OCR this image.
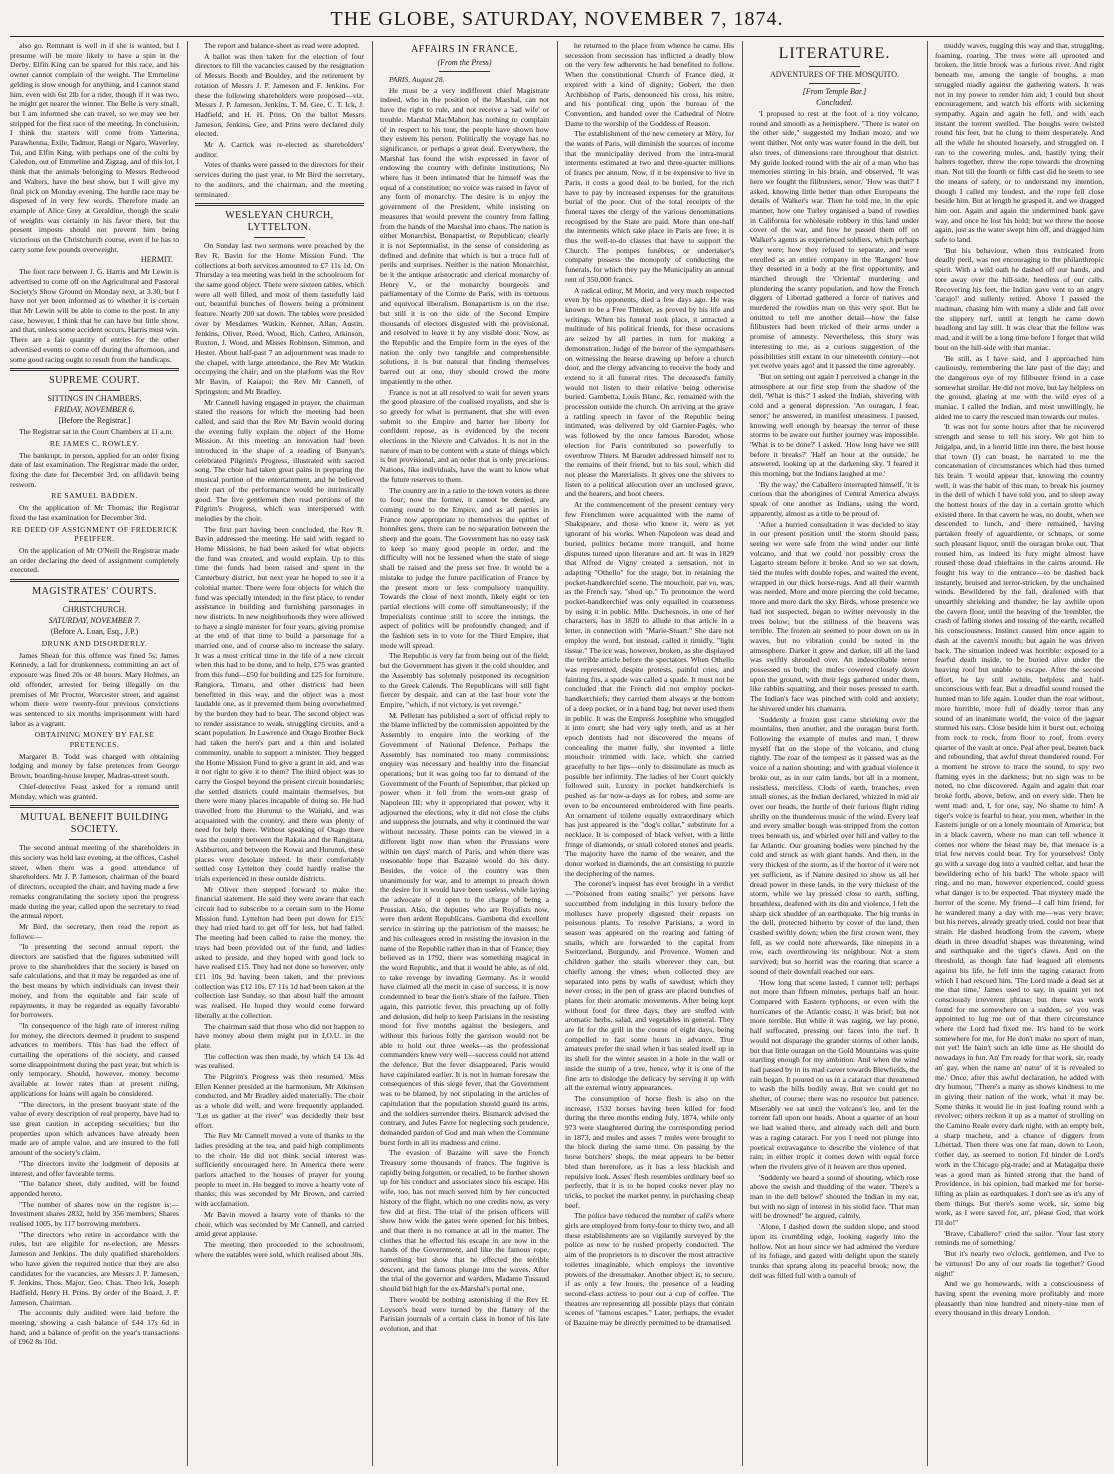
THE GLOBE, SATURDAY, NOVEMBER 7, 1874.

also go. Remnant is well in if she is wanted, but I presume will be more likely to have a spin in the Derby. Elfin King can be spared for this race, and his owner cannot complain of the weight. The Emmeline gelding is slow enough for anything, and I cannot stand him, even with 6st 2lb for a rider, though if it was two, he might get nearer the winner. The Belle is very small, but I am informed she can travel, so we may see her stripped for the first race of the meeting. In conclusion, I think the starters will come from Yatterina, Parawhenna, Exile, Tadmor, Rangi or Ngaro, Waverley, Tui, and Elfin King, with perhaps one of the colts by Caledon, out of Emmeline and Zigzag, and of this lot, I think that the animals belonging to Messrs Redwood and Walters, have the best show, but I will give my final pick on Monday evening. The hurdle race may be disposed of in very few words. Therefore made an example of Alice Grey at Geraldine, though the scale of weights was certainly in his favor there, but the present imposts should not prevent him being victorious on the Christchurch course, even if he has to carry some few pounds overweight.

HERMIT.

The foot race between J. G. Harris and Mr Lewin is advertised to come off on the Agricultural and Pastoral Society's Show Ground on Monday next, at 3.30, but I have not yet been informed as to whether it is certain that Mr Lewin will be able to come to the post. In any case, however, I think that he can have but little show, and that, unless some accident occurs, Harris must win. There are a fair quantity of entries for the other advertised events to come off during the afternoon, and some good racing ought to result from the handicaps.

SUPREME COURT.
SITTINGS IN CHAMBERS.
FRIDAY, NOVEMBER 6.
[Before the Registrar.]

The Registrar sat in the Court Chambers at 11 a.m.

RE JAMES C. ROWLEY.

The bankrupt, in person, applied for an order fixing date of last examination. The Registrar made the order, fixing the date for December 3rd, on affidavit being resworn.

RE SAMUEL BADDEN.

On the application of Mr Thomas, the Registrar fixed the last examination for December 3rd.

RE DEED OF ASSIGNMENT OF FREDERICK PFEIFFER.

On the application of Mr O'Neill the Registrar made an order declaring the deed of assignment completely executed.

MAGISTRATES' COURTS.
CHRISTCHURCH.
SATURDAY, NOVEMBER 7.
(Before A. Loan, Esq., J.P.)
DRUNK AND DISORDERLY.

James Shean for this offence was fined 5s; James Kennedy, a lad for drunkenness, committing an act of exposure was fined 20s or 48 hours. Mary Holmes, an old offender, arrested for being illegally on the premises of Mr Proctor, Worcester street, and against whom there were twenty-four previous convictions was sentenced to six months imprisonment with hard labor as a vagrant.

OBTAINING MONEY BY FALSE PRETENCES.

Margaret B. Todd was charged with obtaining lodging and money by false pretences from George Brown, boarding-house keeper, Madras-street south.

Chief-detective Feast asked for a remand until Monday, which was granted.

MUTUAL BENEFIT BUILDING SOCIETY.

The second annual meeting of the shareholders in this society was held last evening, at the offices, Cashel street, when there was a good attendance of shareholders. Mr J. P. Jameson, chairman of the board of directors, occupied the chair, and having made a few remarks congratulating the society upon the progress made during the year, called upon the secretary to read the annual report.

Mr Bird, the secretary, then read the report as follows:—

"In presenting the second annual report, the directors are satisfied that the figures submitted will prove to the shareholders that the society is based on safe calculations, and that it may be regarded as one of the best means by which individuals can invest their money, and from the equitable and fair scale of repayments, it may be regarded as equally favorable for borrowers.

"In consequence of the high rate of interest ruling for money, the directors deemed it prudent to suspend advances to members. This has had the effect of curtailing the operations of the society, and caused some disappointment during the past year, but which is only temporary. Should, however, money become available at lower rates than at present ruling, applications for loans will again be considered.

"The directors, in the present buoyant state of the value of every description of real property, have had to use great caution in accepting securities; but the properties upon which advances have already been made are of ample value, and are insured to the full amount of the society's claim.

"The directors invite the lodgment of deposits at interest, and offer favorable terms.

"The balance sheet, duly audited, will be found appended hereto.

"The number of shares now on the register is:—Investment shares 2832, held by 356 members; Shares realised 1005, by 117 borrowing members.

"The directors who retire in accordance with the rules, but are eligible for re-election, are Messrs Jameson and Jenkins. The duly qualified shareholders who have given the required notice that they are also candidates for the vacancies, are Messrs J. P. Jameson, F. Jenkins, Thos. Major, Geo. Chas. Theo Ick, Joseph Hadfield, Henry H. Prins. By order of the Board, J. P. Jameson, Chairman.

The accounts duly audited were laid before the meeting, showing a cash balance of £44 17s 6d in hand, and a balance of profit on the year's transactions of £962 8s 10d.

The report and balance-sheet as read were adopted.

A ballot was then taken for the election of four directors to fill the vacancies caused by the resignation of Messrs Booth and Bouldey, and the retirement by rotation of Messrs J. P. Jameson and F. Jenkins. For these the following shareholders were proposed—viz. Messrs J. P. Jameson, Jenkins, T. M. Gee, C. T. Ick, J. Hadfield, and H. H. Prins. On the ballot Messrs Jameson, Jenkins, Gee, and Prins were declared duly elected.

Mr A. Carrick was re-elected as shareholders' auditor.

Votes of thanks were passed to the directors for their services during the past year, to Mr Bird the secretary, to the auditors, and the chairman, and the meeting terminated.

WESLEYAN CHURCH, LYTTELTON.

On Sunday last two sermons were preached by the Rev R. Bavin for the Home Mission Fund. The collections at both services amounted to £7 11s 1d. On Thursday a tea meeting was held in the schoolroom for the same good object. There were sixteen tables, which were all well filled, and most of them tastefully laid out, beautiful bunches of flowers being a prominent feature. Nearly 200 sat down. The tables were presided over by Mesdames Watkin, Kenner, Allan, Austin, Jenkins, Oliver, Reed, Wood, Rich, Cathro, Atkinson, Ruxton, J. Wood, and Misses Robinson, Simmon, and Hester. About half-past 7 an adjournment was made to the chapel, with large attendance, the Rev Mr Watkin occupying the chair; and on the platform was the Rev Mr Bavin, of Kaiapoi; the Rev Mr Cannell, of Springston; and Mr Bradley.

Mr Cannell having engaged in prayer, the chairman stated the reasons for which the meeting had been called, and said that the Rev Mr Bavin would during the evening fully explain the object of the Home Mission. At this meeting an innovation had been introduced in the shape of a reading of Bunyan's celebrated Pilgrim's Progress, illustrated with sacred song. The choir had taken great pains in preparing the musical portion of the entertainment, and he believed their part of the performance would be intrinsically good. The five gentlemen then read portions of the Pilgrim's Progress, which was interspersed with melodies by the choir.

The first part having been concluded, the Rev R. Bavin addressed the meeting. He said with regard to Home Missions, he had been asked for what objects the fund was created, and would explain. Up to this time the funds had been raised and spent in the Canterbury district, but next year he hoped to see it a colonial matter. There were four objects for which the fund was specially intended; in the first place, to render assistance in building and furnishing parsonages in new districts. In new neighborhoods they were allowed to have a single minister for four years, giving promise at the end of that time to build a parsonage for a married one, and of course also to increase the salary. It was a most critical time in the life of a new circuit when this had to be done, and to help, £75 was granted from this fund—£50 for building and £25 for furniture. Rangiora, Timaru, and other districts had been benefitted in this way, and the object was a most laudable one, as it prevented them being overwhelmed by the burden they had to bear. The second object was to render assistance to weak, struggling circuits, and a scant population. In Lawrence and Otago Brother Beck had taken the hero's part and a thin and isolated community, unable to support a minister. They begged the Home Mission Fund to give a grant in aid, and was it not right to give it to them? The third object was to carry the Gospel beyond the present circuit boundaries; the settled districts could maintain themselves, but there were many places incapable of doing so. He had travelled from the Hurunui to the Waitaki, and was acquainted with the country, and there was plenty of need for help there. Without speaking of Otago there was the country between the Rakaia and the Rangitata, Ashburton, and between the Kowai and Hurunui, these places were desolate indeed. In their comfortably settled cosy Lyttelton they could hardly realise the trials experienced in these outside districts.

Mr Oliver then stepped forward to make the financial statement. He said they were aware that each circuit had to subscribe to a certain sum to the Home Mission fund. Lyttelton had been put down for £15: they had tried hard to get off for less, but had failed. The meeting had been called to raise the money, the trays had been provided out of the fund, and ladies asked to preside, and they hoped with good luck to have realised £15. They had not done so however, only £11 10s 9d having been taken, and the previous collection was £12 10s. £7 11s 1d had been taken at the collection last Sunday, so that about half the amount was realised. He hoped they would come forward liberally at the collection.

The chairman said that those who did not happen to have money about them might put in I.O.U. in the plate.

The collection was then made, by which £4 13s 4d was realised.

The Pilgrim's Progress was then resumed. Miss Ellen Kenner presided at the harmonium, Mr Atkinson conducted, and Mr Bradley aided materially. The choir as a whole did well, and were frequently applauded. "Let us gather at the river" was decidedly their best effort.

The Rev Mr Cannell moved a vote of thanks to the ladies presiding at the tea, and paid high compliments to the choir. He did not think social interest was sufficiently encouraged here. In America there were parlors attached to the houses of prayer for young people to meet in. He begged to move a hearty vote of thanks; this was seconded by Mr Brown, and carried with acclamation.

Mr Bavin moved a hearty vote of thanks to the choir, which was seconded by Mr Cannell, and carried amid great applause.

The meeting then proceeded to the schoolroom, where the eatables were sold, which realised about 30s.

AFFAIRS IN FRANCE.
(From the Press)

PARIS, August 28.

He must be a very indifferent chief Magistrate indeed, who in the position of the Marshal, can not have the right to rule, and not receive a 'sad wife' or trouble. Marshal MacMahon has nothing to complain of in respect to his tour, the people have shown how they esteem his person. Politically the voyage has no significance, or perhaps a great deal. Everywhere, the Marshal has found the wish expressed in favor of endowing the country with definite institutions; No where has it been intimated that he himself was the equal of a constitution; no voice was raised in favor of any form of monarchy. The desire is to enjoy the government of the President, while insisting on measures that would prevent the country from falling from the hands of the Marshal into chaos. The nation is either Monarchist, Bonapartist, or Republican; clearly it is not Septennialist, in the sense of considering as defined and definite that which is but a truce full of perils and surprises. Neither is the nation Monarchist, be it the antique aristocratic and clerical monarchy of Henry V., or the monarchy bourgeois and parliamentary of the Comte de Paris, with its tortuous and equivocal liberalism. Bonapartism is on the rise, but still it is on the side of the Second Empire thousands of electors disgusted with the provisional, and resolved to leave it by any visible door. Now, as the Republic and the Empire form in the eyes of the nation the only two tangible and comprehensible solutions, it is but natural that finding themselves barred out at one, they should crowd the more impatiently to the other.

France is not at all resolved to wait for seven years the good pleasure of the coalised royalists, and she is so greedy for what is permanent, that she will even submit to the Empire and barter her liberty for confident repose, as is evidenced by the recent elections in the Nievre and Calvados. It is not in the nature of man to be content with a state of things which is but provisional, and an order that is only precarious. Nations, like individuals, have the want to know what the future reserves to them.

The country are in a ratio to the town voters as three to four; now the former, it cannot be denied, are coming round to the Empire, and as all parties in France now appropriate to themselves the epithet of honnêtes gens, there can be no separation between the sheep and the goats. The Government has no easy task to keep so many good people in order, and the difficulty will not be lessened when the state of siege shall be raised and the press set free. It would be a mistake to judge the future pacification of France by the present more or less compulsory tranquility. Towards the close of next month, likely eight or ten partial elections will come off simultaneously; if the Imperialists continue still to score the innings, the aspect of politics will be profoundly changed; and if the fashion sets in to vote for the Third Empire, that mode will spread.

The Republic is very far from being out of the field; but the Government has given it the cold shoulder, and the Assembly has solemnly postponed its recognition to the Greek Calends. The Republicans will still fight fiercer by despair, and can at the last hour vote the Empire, "which, if not victory, is yet revenge."

M. Pelletan has published a sort of official reply to the blame inflicted by the commission appointed by the Assembly to enquire into the working of the Government of National Defence. Perhaps the Assembly has nominated too many commissions; enquiry was necessary and healthy into the financial operations; but it was going too far to demand of the Government of the Fourth of September, that picked up power when it fell from the worn-out grasp of Napoleon III; why it appropriated that power, why it adjourned the elections, why it did not close the clubs and suppress the journals, and why it continued the war without necessity. These points can be viewed in a different light now than when the Prussians were within ten days' march of Paris, and when there was reasonable hope that Bazaine would do his duty. Besides, the voice of the country was then unanimously for war, and to attempt to preach down the desire for it would have been useless, while laying the advocate of it open to the charge of being a Prussian. Also, the deputies who are Royalists now, were then ardent Republicans. Gambetta did excellent service in stirring up the patriotism of the masses; he and his colleagues erred in resisting the invasion in the name of the Republic rather than in that of France; they believed as in 1792, there was something magical in the word Republic, and that it would be able, as of old, to take revenge by invading Germany. As it would have claimed all the merit in case of success, it is now condemned to bear the lion's share of the failure. Then again, this patriotic fever, this preaching up of folly and delusion, did help to keep Parisians in the resisting mood for five months against the besiegers, and without this furious folly the garrison would not be able to hold out three weeks—as the professional commanders knew very well—success could not attend the defence. But the fever disappeared, Paris would have capitulated earlier. It is not in human foresaw the consequences of this siege fever, that the Government was to be blamed, by not stipulating in the articles of capitulation that the population should guard its arms, and the soldiers surrender theirs. Bismarck advised the contrary, and Jules Favre for neglecting such prudence, demanded pardon of God and man when the Commune burst forth in all its madness and crime.

The evasion of Bazaine will save the French Treasury some thousands of francs. The fugitive is rapidly being forgotten, or recalled, to be further shown up for his conduct and associates since his escape. His wife, too, has not much served him by her concocted history of the flight, which no one credits now, as very few did at first. The trial of the prison officers will show how wide the gates were opened for his bribes, and that there is no romance at all in the matter. The clothes that he effected his escape in are now in the hands of the Government, and like the famous rope, something but show that he effected the terrible descent, and the famous plunge into the waves. After the trial of the governor and warders, Madame Tussaud should bid high for the ex-Marshal's portal one.

There would be nothing astonishing if the Rev H. Loyson's head were turned by the flattery of the Parisian journals of a certain class in honor of his late evolution, and that

he returned to the place from whence he came. His secession from secession has inflicted a deadly blow on the very few adherents he had benefited to follow. When the constitutional Church of France died, it expired with a kind of dignity; Gobert, the then Archbishop of Paris, denounced his cross, his mitre, and his pontifical ring upon the bureau of the Convention, and handed over the Cathedral of Notre Dame to the worship of the Goddess of Reason.

The establishment of the new cemetery at Méry, for the wants of Paris, will diminish the sources of income that the municipality derived from the intra-mural interments estimated at two and three-quarter millions of francs per annum. Now, if it be expensive to live in Paris, it costs a good deal to be buried, for the rich have to pay by increased expenses for the gratuitous burial of the poor. Out of the total receipts of the funeral taxes the clergy of the various denominations recognised by the State are paid. More than one-half the interments which take place in Paris are free; it is thus the well-to-do classes that have to support the Church. The pompes funèbres, or undertaker's company possess the monopoly of conducting the funerals, for which they pay the Municipality an annual rent of 350,000 francs.

A radical editor, M Morin, and very much respected even by his opponents, died a few days ago. He was known to be a Free Thinker, as proved by his life and writings. When his funeral took place, it attracted a multitude of his political friends, for these occasions are seized by all parties in turn for making a demonstration. Judge of the horror of the sympathisers on witnessing the hearse drawing up before a church door, and the clergy advancing to receive the body and extend to it all funeral rites. The deceased's family would not listen to their relative being otherwise buried. Gambetta, Louis Blanc, &c. remained with the procession outside the church. On arriving at the grave a rattling speech in favor of the Republic being intimated, was delivered by old Garnier-Pagès, who was followed by the once famous Barodet, whose election for Paris contributed so powerfully to overthrow Thiers. M Barodet addressed himself not to the remains of their friend, but to his soul, which did not please the Materialists. It gives one the shivers to listen to a political allocution over an unclosed grave, and the hearers, and hoot cheers.

At the commencement of the present century very few Frenchmen were acquainted with the name of Shakspeare, and those who knew it, were as yet ignorant of his works. When Napoleon was dead and buried, politics became more tranquil, and home disputes turned upon literature and art. It was in 1829 that Alfred de Vigny created a sensation, not in adapting "Othello" for the stage, but in retaining the pocket-handkerchief scene. The mouchoir, par vu, was, as the French say, "shod up." To pronounce the word pocket-handkerchief was only equalled in coarseness by using it in public. Mlle. Duchesnois, in one of her characters, has in 1820 to allude to that article in a letter, in connection with "Marie-Stuart." She dare not employ the word, but instead, called it timidly, "light tissue." The ice was, however, broken, as she displayed the terrible article before the spectators. When Othello was represented, despite protests, painful cries, and fainting fits, a spade was called a spade. It must not be concluded that the French did not employ pocket-handkerchiefs; they carried them always at the bottom of a deep pocket, or in a hand bag, but never used them in public. It was the Empress Josephine who smuggled it into court; she had very ugly teeth, and as at her epoch dentists had not discovered the means of concealing the matter fully, she invented a little mouchoir trimmed with lace, which she carried gracefully to her lips—only to dissimulate as much as possible her infirmity. The ladies of her Court quickly followed suit. Luxury in pocket handkerchiefs is pushed as far now-a-days as for robes, and some are even to be encountered embroidered with fine pearls. An ornament of toilette equally extraordinary which has just appeared is the "dog's collar," substitute for a necklace. It is composed of black velvet, with a little fringe of diamonds, or small colored stones and pearls. The majority have the name of the wearer, and the donor worked in diamonds, the art consisting to puzzle the deciphering of the names.

The coroner's inquest has ever brought in a verdict—"Poisoned from eating snails;" yet persons have succumbed from indulging in this luxury before the molluscs have properly digested their repasts on poisonous plants. To resolve Parisians, a word in season was appeared on the rearing and fatting of snails, which are forwarded to the capital from Switzerland, Burgundy, and Provence. Women and children gather the snails wherever they can, but chiefly among the vines; when collected they are separated into pens by walls of sawdust, which they never cross; in the pen of grass are placed bunches of plants for their aromatic movements. After being kept without food for three days, they are stuffed with aromatic herbs, salad, and vegetables in general. They are fit for the grill in the course of eight days, being compelled to fast some hours in advance. True amateurs prefer the snail when it has sealed itself up in its shell for the winter season in a hole in the wall or inside the stump of a tree, hence, why it is one of the fine arts to dislodge the delicacy by serving it up with all the external wintry appearances.

The consumption of horse flesh is also on the increase, 1532 horses having been killed for food during the three months ending July, 1874, while only 973 were slaughtered during the corresponding period in 1873, and mules and asses 7 mules were brought to the block during the same time. On passing by the horse butchers' shops, the meat appears to be better bled than heretofore, as it has a less blackish and repulsive look. Asses' flesh resembles ordinary beef so perfectly, that it is to be hoped cooks never play no tricks, to pocket the market penny, in purchasing cheap beef.

The police have reduced the number of café's where girls are employed from forty-four to thirty two, and all these establishments are so vigilantly surveyed by the police as now to be rushed properly conducted. The aim of the proprietors is to discover the most attractive toilettes imaginable, which employs the inventive powers of the dressmaker. Another object is, to secure, if as only a few hours, the presence of a leading second-class actress to pour out a cup of coffee. The theatres are representing all possible plays that contain scenes of "famous escapes." Later, perhaps, the evader of Bazaine may be directly permitted to be dramatised.

LITERATURE.
ADVENTURES OF THE MOSQUITO.
[From Temple Bar.]
Concluded.

'I proposed to rest at the foot of a tiny volcano, round and smooth as a hemisphere. "There is water on the other side," suggested my Indian mozo, and we went thither. Not only was water found in the dell, but also trees, of dimensions rare throughout that district. My guide looked round with the air of a man who has memories stirring in his brain, and observed, 'It was here we fought the filibusters, senor.' 'How was that?' I asked, knowing little better than other Europeans the details of Walker's war. Then he told me, in the epic manner, how one Turley organised a band of rowdies in California for wholesale robbery in this land under cover of the war, and how he passed them off on Walker's agents as experienced soldiers, which perhaps they were; how they refused to separate, and were enrolled as an entire company in the 'Rangers' how they deserted in a body at the first opportunity, and marched through the 'Oriental' murdering and plundering the scanty population, and how the French diggers of Libertad gathered a force of natives and murdered the rowdies man on this very spot. But he omitted to tell me another detail—how the false filibusters had been tricked of their arms under a promise of amnesty. Nevertheless, this story was interesting to me, as a curious suggestion of the possibilities still extant in our nineteenth century—not yet twelve years ago! and it passed the time agreeably.

'But on setting out again I perceived a change in the atmosphere at our first step from the shadow of the dell. 'What is this?' I asked the Indian, shivering with cold and a general depression. 'An ouragan, I fear, senor;' he answered, in manifest uneasiness. I paused, knowing well enough by hearsay the terror of these storms to be aware our further journey was impossible. 'What is to be done?' I asked. 'How long have we still before it breaks?' 'Half an hour at the outside,' he answered, looking up at the darkening sky. 'I feared it this morning, but the Indians laughed at me.'

'By the way,' the Caballero interrupted himself, 'it is curious that the aborigines of Central America always speak of one another as Indians, using the word, apparently, almost as a title to be proud of.

'After a hurried consultation it was decided to stay in our present position until the storm should pass, seeing we were safe from the wind under our little volcano, and that we could not possibly cross the Lagarto stream before it broke. And so we sat down, tied the mules with double ropes, and waited the event, wrapped in our thick horse-rugs. And all their warmth was needed. More and more piercing the cold became, more and more dark the sky. Birds, whose presence we had not suspected, began to twitter nervously in the trees below; but the stillness of the heavens was terrible. The frozen air seemed to pour down on us in waves, but no vibration could be noted in the atmosphere. Darker it grew and darker, till all the land was swiftly shrouded over. An indescribable terror possessed us both; the mules cowered closely down upon the ground, with their legs gathered under them, like rabbits squatting, and their noses pressed to earth. The Indian's face was pinched with cold and anxiety; he shivered under his chamarra.

'Suddenly a frozen gust came shrieking over the mountains, then another, and the ouragan burst forth. Following the example of mules and man, I threw myself flat on the slope of the volcano, and clung tightly. The roar of the tempest as it passed was as the voice of a nation shouting; and with gradual violence it broke out, as in our calm lands, but all in a moment, resistless, merciless. Clods of earth, branches, even small stones, as the Indian declared, whizzed in mid air over our heads, the hurtle of their furious flight riding shrilly on the thunderous music of the wind. Every leaf and every smaller bough was stripped from the cotton trees beneath us, and whirled over hill and valley to the far Atlantic. Our groaning bodies were pinched by the cold and struck as with giant hands. And then, in the very thickest of the storm, as if the horror of it were not yet sufficient, as if Nature desired to show us all her dread power in these lands, in the very thickest of the storm, while we lay pressed close to earth, stifling, breathless, deafened with its din and violence, I felt the sharp sick shudder of an earthquake. The big trunks in the dell, protected hitherto by cover of the land, then crashed swiftly down; when the first crown went, they fell, as we could note afterwards, like ninepins in a row, each overthrowing its neighbour. Not a stem survived; but so horrid was the roaring that scarce a sound of their downfall reached our ears.

'How long that scene lasted, I cannot tell; perhaps not more than fifteen minutes, perhaps half an hour. Compared with Eastern typhoons, or even with the hurricanes of the Atlantic coast, it was brief; but not more terrible. But while it was raging, we lay prone, half suffocated, pressing our faces into the turf. It would not disparage the grander storms of other lands, but that little ouragan on the Gold Mountains was quite startling enough for my ambition. And when the wind had passed by in its mad career towards Blewfields, the rain began. It poured on us in a cataract that threatened to wash the hills bodily away. But we could get no shelter, of course; there was no resource but patience. Miserably we sat until the volcano's lee, and let the torrent fall upon our heads. About a quarter of an hour we had waited there, and already each dell and burn was a raging cataract. For you I need not plunge into poetical extravagance to describe the violence of that rain; in either tropic it comes down with equal force when the rivulets give of it heaven are thus opened.

'Suddenly we heard a sound of shouting, which rose above the swish and thudding of the water. 'There's a man in the dell below!' shouted the Indian in my ear, but with no sign of interest in his stolid face. 'That man will be drowned!' he argued, calmly.

'Alone, I dashed down the sudden slope, and stood upon its crumbling edge, looking eagerly into the hollow. Not an hour since we had admired the verdure of its foliage, and gazed with delight upon the stately trunks that sprang along its peaceful brook; now, the dell was filled full with a tumult of

muddy waves, tugging this way and that, struggling, foaming, roaring. The trees were all uprooted and broken, the little brook was a furious river. And right beneath me, among the tangle of boughs, a man struggled madly against the gathering waters. It was not in my power to render him aid; I could but shout encouragement, and watch his efforts with sickening sympathy. Again and again he fell, and with each instant the torrent swelled. The boughs were twisted round his feet, but he clung to them desperately. And all the while he shouted hoarsely, and struggled on. I ran to the cowering mules, and, hastily tying their halters together, threw the rope towards the drowning man. Not till the fourth or fifth cast did he seem to see the means of safety, or to understand my intention, though I called my loudest, and the rope fell close beside him. But at length he grasped it, and we dragged him out. Again and again the undermined bank gave way, and once he lost his hold; but we threw the noose again, just as the water swept him off, and dragged him safe to land.

'But his behaviour, when thus extricated from deadly peril, was not encouraging to the philanthropic spirit. With a wild oath he dashed off our hands, and tore away over the hill-side, heedless of our calls. Recovering his feet, the Indian gave vent to an angry 'carajo!' and sullenly retired. Above I passed the madman, chasing him with many a slide and fall over the slippery turf, until at length he came down headlong and lay still. It was clear that the fellow was mad, and it will be a long time before I forget that wild bout on the hill-side with that maniac.

'Be still, as I have said, and I approached him cautiously, remembering the late past of the day; and the dangerous eye of my filibuster friend in a case somewhat similar. He did not move, but lay helpless on the ground, glaring at me with the wild eyes of a maniac. I called the Indian, and most unwillingly, he aided me to carry the rescued man towards our mules.

'It was not for some hours after that he recovered strength and sense to tell his story. We got him to Juigalpa, and, in a horrid little inn there, the best house that town (I) can boast, he narrated to me the concatenation of circumstances which had thus turned his brain. 'I would appear that, knowing the country well, it was the habit of this man, to break his journey in the dell of which I have told you, and to sleep away the hottest hours of the day in a certain grotto which existed there. In that cavern he was, no doubt, when we descended to lunch, and there remained, having partaken freely of aguardiente, or schnaps, or some such pleasant liquor, until the ouragan broke out. That roused him, as indeed its fury might almost have roused those dead chieftains in the cairns around. He fought his way to the entrance—to be dashed back instantly, bruised and terror-stricken, by the unchained winds. Bewildered by the fall, deafened with that unearthly shrieking and thunder, he lay awhile upon the cavern floor, until the heaving of the 'trembler, the crash of falling stones and tossing of the earth, recalled his consciousness. Instinct caused him once again to dash at the cavern's mouth; but again he was driven back. The situation indeed was horrible: exposed to a fearful death inside, to be buried alive under the heaving roof but unable to escape. After the second effort, he lay still awhile, helpless and half-unconscious with fear. But a dreadful sound roused the hunted man to life again. Louder than the roar without, more horrible, more full of deadly terror than any sound of an inanimate world, the voice of the jaguar stunned his ears. Close beside him it burst out, echoing from rock to rock, from floor to roof, from every quarter of the vault at once. Peal after peal, beaten back and rebounding, that awful threat thundered round. For a moment he strove to trace the sound, to spy two flaming eyes in the darkness; but no sign was to be noted, no clue discovered. Again and again that roar broke forth, above, below, and on every side. Then he went mad: and, I, for one, say, No shame to him! A tiger's voice is fearful to hear, you men, whether in the Eastern jungle or on a lonely mountain of America; but in a black cavern, where no man can tell whence it comes nor where the beast may be, that menace is a trial few nerves could bear. Try for yourselves! Only go with a savage dog into a vaulted cellar, and hear the bewildering echo of his bark! The whole space will ring, and no man, however experienced, could guess what danger is to be expected. That mystery made the horror of the scene. My friend—I call him friend, for he wandered many a day with me—was very brave; but his nerves, already greatly tried, could not bear that strain. He dashed headlong from the cavern, where death in three dreadful shapes was threatening, wind and earthquake and the tiger's claws. And on the threshold, as though fate had leagued all elements against his life, he fell into the raging cataract from which I had rescued him. 'The Lord made a dead set at me that time,' James used to say, in quaint yet not consciously irreverent phrase; but there was work found for me somewhere on a sudden, so' you was appointed to lug me out of that there circumstance where the Lord had fixed me. It's hand to be work somewhere for me, for He don't make no sport of man, not yet! He hain't such an idle time as He should do nowadays in fun. An' I'm ready for that work, sir, ready an' gay, when the name an' natur' of it is revealed to me.' Once, after this awful declaration, he added with dry humour, "There's a many as shows kindness to me in giving their nation of the work, what it may be. Some thinks it would lie in just loafing round with a revolver; others reckon it up as a matter of strolling on the Camino Reale every dark night, with an empty belt, a sharp machete, and a chance of diggers from Libertad. Then there was one fat man, down to Leon, t'other day, as seemed to notion I'd hinder de Lord's work in the Chicago pig-trade; and at Matagalpa there was a good man as hinted strong that the hand of Providence, in his opinion, had marked me for horse-lifting as plain as earthquakes. I don't see as it's any of them things. But there's some work, sir, some big work, as I were saved for, an', please God, that work I'll do!"

'Brave, Caballero!' cried the sailor. 'Your last story reminds me of something.'

'But it's nearly two o'clock, gentlemen, and I've to be virtuous! Do any of our roads lie together? Good night!'

And we go homewards, with a consciousness of having spent the evening more profitably and more pleasantly than nine hundred and ninety-nine men of every thousand in this dreary London.
